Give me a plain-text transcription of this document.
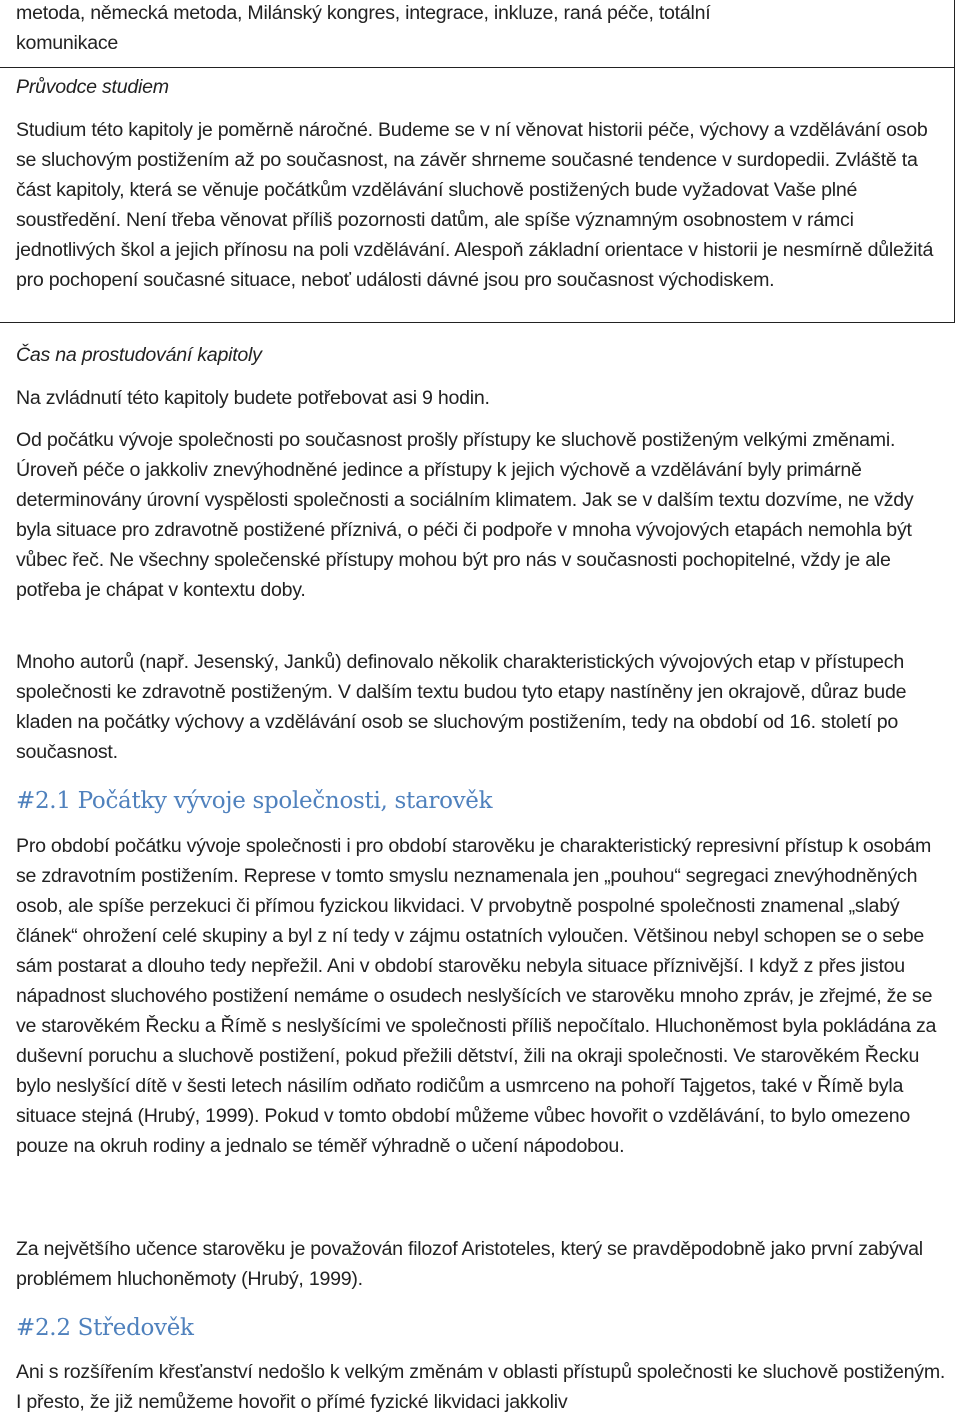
metoda, německá metoda, Milánský kongres, integrace, inkluze, raná péče, totální

komunikace

Průvodce studiem

Studium této kapitoly je poměrně náročné. Budeme se v ní věnovat historii péče, výchovy a vzdělávání osob se sluchovým postižením až po současnost, na závěr shrneme současné tendence v surdopedii. Zvláště ta část kapitoly, která se věnuje počátkům vzdělávání sluchově postižených bude vyžadovat Vaše plné soustředění. Není třeba věnovat příliš pozornosti datům, ale spíše významným osobnostem v rámci jednotlivých škol a jejich přínosu na poli vzdělávání. Alespoň základní orientace v historii je nesmírně důležitá pro pochopení současné situace, neboť události dávné jsou pro současnost východiskem.

Čas na prostudování kapitoly

Na zvládnutí této kapitoly budete potřebovat asi 9 hodin.

Od počátku vývoje společnosti po současnost prošly přístupy ke sluchově postiženým velkými změnami. Úroveň péče o jakkoliv znevýhodněné jedince a přístupy k jejich výchově a vzdělávání byly primárně determinovány úrovní vyspělosti společnosti a sociálním klimatem. Jak se v dalším textu dozvíme, ne vždy byla situace pro zdravotně postižené příznivá, o péči či podpoře v mnoha vývojových etapách nemohla být vůbec řeč. Ne všechny společenské přístupy mohou být pro nás v současnosti pochopitelné, vždy je ale potřeba je chápat v kontextu doby.

Mnoho autorů (např. Jesenský, Janků) definovalo několik charakteristických vývojových etap v přístupech společnosti ke zdravotně postiženým. V dalším textu budou tyto etapy nastíněny jen okrajově, důraz bude kladen na počátky výchovy a vzdělávání osob se sluchovým postižením, tedy na období od 16. století po současnost.

#2.1 Počátky vývoje společnosti, starověk

Pro období počátku vývoje společnosti i pro období starověku je charakteristický represivní přístup k osobám se zdravotním postižením. Represe v tomto smyslu neznamenala jen „pouhou“ segregaci znevýhodněných osob, ale spíše perzekuci či přímou fyzickou likvidaci. V prvobytně pospolné společnosti znamenal „slabý článek“ ohrožení celé skupiny a byl z ní tedy v zájmu ostatních vyloučen. Většinou nebyl schopen se o sebe sám postarat a dlouho tedy nepřežil. Ani v období starověku nebyla situace příznivější. I když z přes jistou nápadnost sluchového postižení nemáme o osudech neslyšících ve starověku mnoho zpráv, je zřejmé, že se ve starověkém Řecku a Římě s neslyšícími ve společnosti příliš nepočítalo. Hluchoněmost byla pokládána za duševní poruchu a sluchově postižení, pokud přežili dětství, žili na okraji společnosti. Ve starověkém Řecku bylo neslyšící dítě v šesti letech násilím odňato rodičům a usmrceno na pohoří Tajgetos, také v Římě byla situace stejná (Hrubý, 1999). Pokud v tomto období můžeme vůbec hovořit o vzdělávání, to bylo omezeno pouze na okruh rodiny a jednalo se téměř výhradně o učení nápodobou.

Za největšího učence starověku je považován filozof Aristoteles, který se pravděpodobně jako první zabýval problémem hluchoněmoty (Hrubý, 1999).

#2.2 Středověk

Ani s rozšířením křesťanství nedošlo k velkým změnám v oblasti přístupů společnosti ke sluchově postiženým. I přesto, že již nemůžeme hovořit o přímé fyzické likvidaci jakkoliv
